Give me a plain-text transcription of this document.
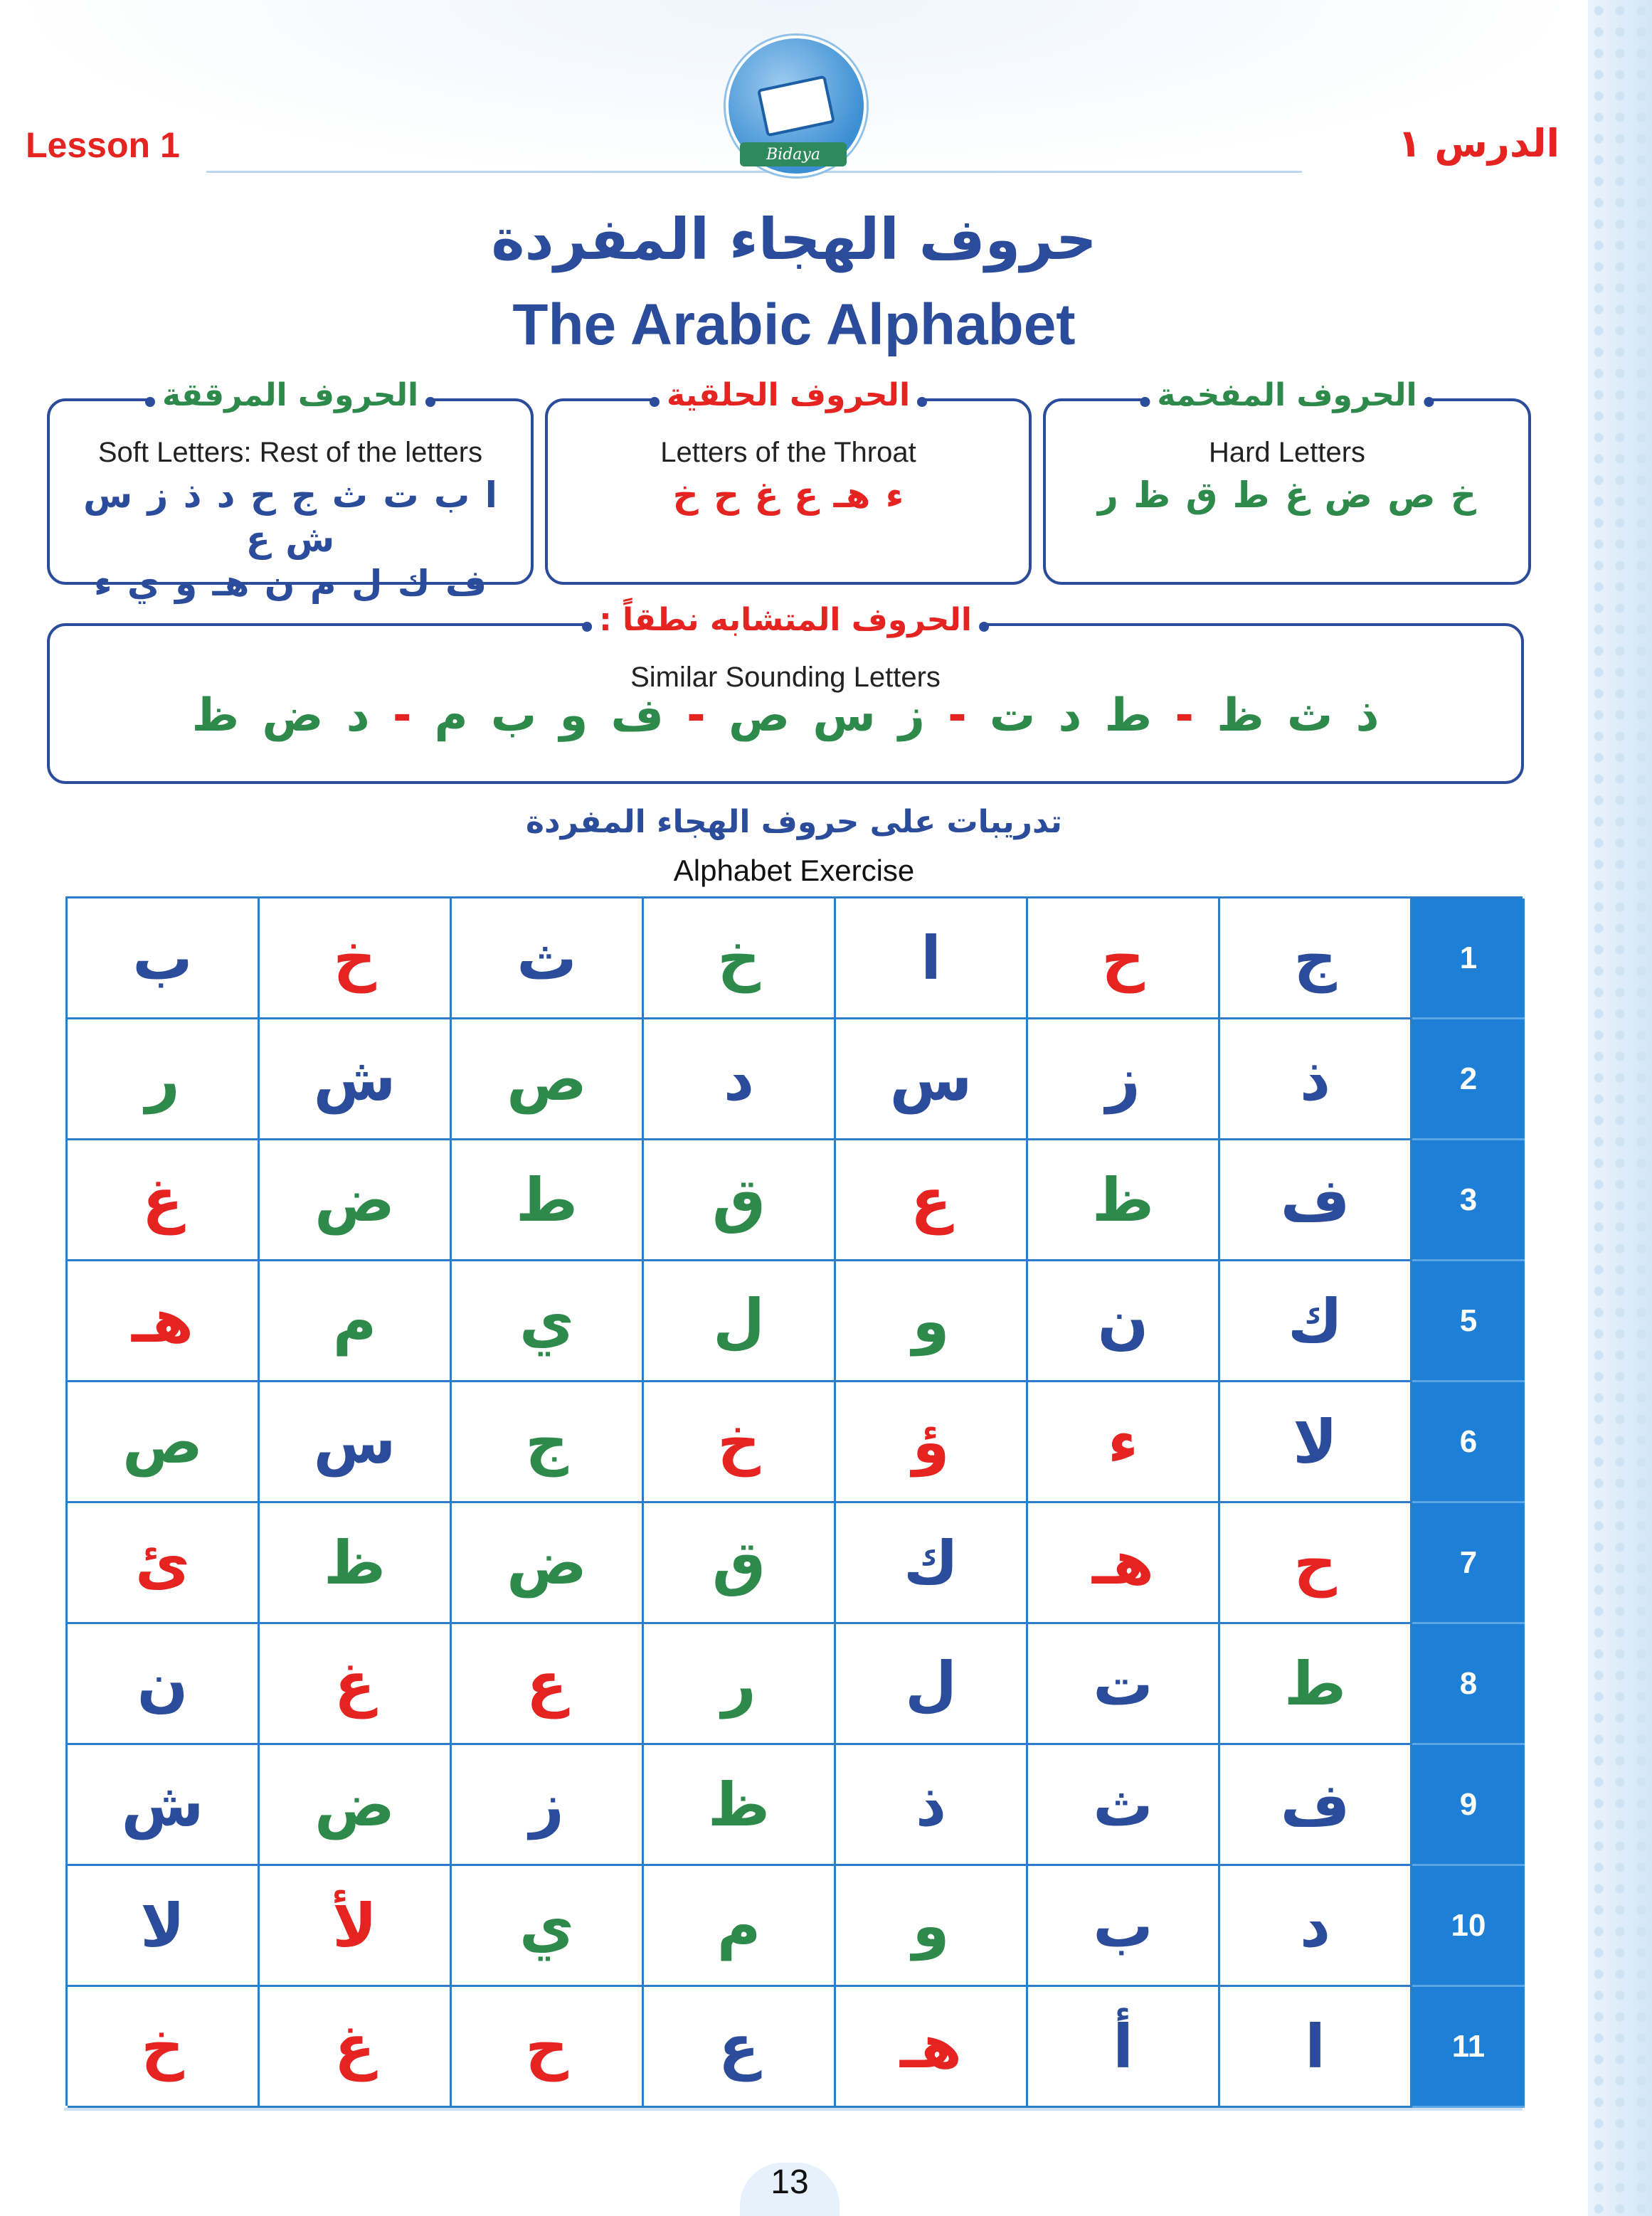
Bidaya
Lesson 1	الدرس ١
حروف الهجاء المفردة
The Arabic Alphabet
الحروف المفخمة
Hard Letters
خ ص ض غ ط ق ظ ر
الحروف الحلقية
Letters of the Throat
ء هـ ع غ ح خ
الحروف المرققة
Soft Letters: Rest of the letters
ا ب ت ث ج ح د ذ ز س ش ع
ف ك ل م ن هـ و ي ء
الحروف المتشابه نطقاً :
Similar Sounding Letters
ذ ث ظ - ط د ت - ز س ص - ف و ب م - د ض ظ
تدريبات على حروف الهجاء المفردة
Alphabet Exercise
ب	خ	ث	خ	ا	ح	ج	1
ر	ش	ص	د	س	ز	ذ	2
غ	ض	ط	ق	ع	ظ	ف	3
هـ	م	ي	ل	و	ن	ك	5
ص	س	ج	خ	ؤ	ء	لا	6
ئ	ظ	ض	ق	ك	هـ	ح	7
ن	غ	ع	ر	ل	ت	ط	8
ش	ض	ز	ظ	ذ	ث	ف	9
لا	لأ	ي	م	و	ب	د	10
خ	غ	ح	ع	هـ	أ	ا	11
13
